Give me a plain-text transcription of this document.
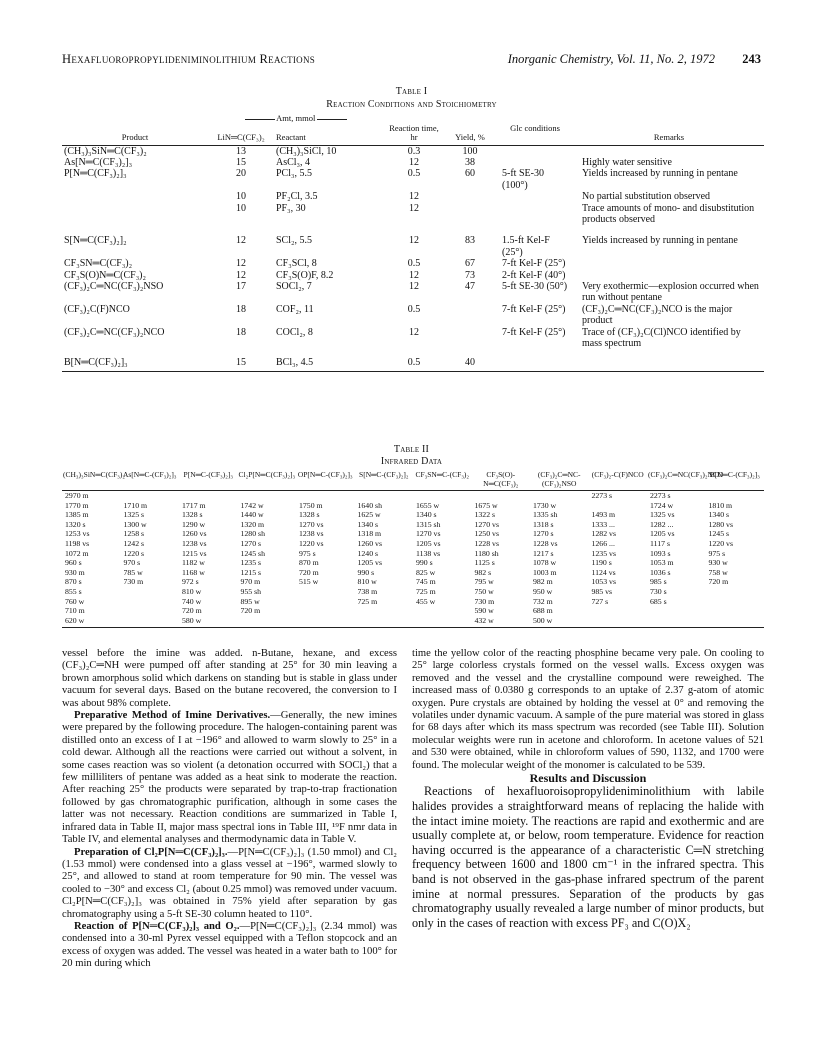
Hexafluoropropylideniminolithium Reactions	Inorganic Chemistry, Vol. 11, No. 2, 1972 243
Table I
Reaction Conditions and Stoichiometry
	Amt, mmol					
Product	LiN═C(CF₃)₂	Reactant	Reaction time, hr	Yield, %	Glc conditions	Remarks

(CH₃)₃SiN═C(CF₃)₂	13	(CH₃)₃SiCl, 10	0.3	100		
As[N═C(CF₃)₂]₃	15	AsCl₃, 4	12	38		Highly water sensitive
P[N═C(CF₃)₂]₃	20	PCl₃, 5.5	0.5	60	5-ft SE-30 (100°)	Yields increased by running in pentane
	10	PF₂Cl, 3.5	12			No partial substitution observed
	10	PF₃, 30	12			Trace amounts of mono- and disubstitution products observed

S[N═C(CF₃)₂]₂	12	SCl₂, 5.5	12	83	1.5-ft Kel-F (25°)	Yields increased by running in pentane
CF₃SN═C(CF₃)₂	12	CF₃SCl, 8	0.5	67	7-ft Kel-F (25°)	
CF₃S(O)N═C(CF₃)₂	12	CF₃S(O)F, 8.2	12	73	2-ft Kel-F (40°)	
(CF₃)₂C═NC(CF₃)₂NSO	17	SOCl₂, 7	12	47	5-ft SE-30 (50°)	Very exothermic—explosion occurred when run without pentane
(CF₃)₂C(F)NCO	18	COF₂, 11	0.5		7-ft Kel-F (25°)	(CF₃)₂C═NC(CF₃)₂NCO is the major product
(CF₃)₂C═NC(CF₃)₂NCO	18	COCl₂, 8	12		7-ft Kel-F (25°)	Trace of (CF₃)₂C(Cl)NCO identified by mass spectrum

B[N═C(CF₃)₂]₃	15	BCl₃, 4.5	0.5	40		

Table II
Infrared Data
(CH₃)₃SiN═C(CF₃)₂	As[N═C-(CF₃)₂]₃	P[N═C-(CF₃)₂]₃	Cl₂P[N═C(CF₃)₂]₃	OP[N═C-(CF₃)₂]₃	S[N═C-(CF₃)₂]₂	CF₃SN═C-(CF₃)₂	CF₃S(O)-N═C(CF₃)₂	(CF₃)₂C═NC-(CF₃)₂NSO	(CF₃)₂-C(F)NCO	(CF₃)₂C═NC(CF₃)₂NCO	B[N═C-(CF₃)₂]₃

2970 m									2273 s	2273 s	
1770 m	1710 m	1717 m	1742 w	1750 m	1640 sh	1655 w	1675 w	1730 w		1724 w	1810 m
1385 m	1325 s	1328 s	1440 w	1328 s	1625 w	1340 s	1322 s	1335 sh	1493 m	1325 vs	1340 s
1320 s	1300 w	1290 w	1320 m	1270 vs	1340 s	1315 sh	1270 vs	1318 s	1333 ...	1282 ...	1280 vs
1253 vs	1258 s	1260 vs	1280 sh	1238 vs	1318 m	1270 vs	1250 vs	1270 s	1282 vs	1205 vs	1245 s
1198 vs	1242 s	1238 vs	1270 s	1220 vs	1260 vs	1205 vs	1228 vs	1228 vs	1266 ...	1117 s	1220 vs
1072 m	1220 s	1215 vs	1245 sh	975 s	1240 s	1138 vs	1180 sh	1217 s	1235 vs	1093 s	975 s
960 s	970 s	1182 w	1235 s	870 m	1205 vs	990 s	1125 s	1078 w	1190 s	1053 m	930 w
930 m	785 w	1168 w	1215 s	720 m	990 s	825 w	982 s	1003 m	1124 vs	1036 s	758 w
870 s	730 m	972 s	970 m	515 w	810 w	745 m	795 w	982 m	1053 vs	985 s	720 m
855 s		810 w	955 sh		738 m	725 m	750 w	950 w	985 vs	730 s	
760 w		740 w	895 w		725 m	455 w	730 m	732 m	727 s	685 s	
710 m		720 m	720 m				590 w	688 m			
620 w		580 w					432 w	500 w			

vessel before the imine was added. n-Butane, hexane, and excess (CF₃)₂C═NH were pumped off after standing at 25° for 30 min leaving a brown amorphous solid which darkens on standing but is stable in glass under vacuum for several days. Based on the butane recovered, the conversion to I was about 98% complete.

Preparative Method of Imine Derivatives.—Generally, the new imines were prepared by the following procedure. The halogen-containing parent was distilled onto an excess of I at −196° and allowed to warm slowly to 25° in a cold dewar. Although all the reactions were carried out without a solvent, in some cases reaction was so violent (a detonation occurred with SOCl₂) that a few milliliters of pentane was added as a heat sink to moderate the reaction. After reaching 25° the products were separated by trap-to-trap fractionation followed by gas chromatographic purification, although in some cases the latter was not necessary. Reaction conditions are summarized in Table I, infrared data in Table II, major mass spectral ions in Table III, ¹⁹F nmr data in Table IV, and elemental analyses and thermodynamic data in Table V.

Preparation of Cl₂P[N═C(CF₃)₂]₃.—P[N═C(CF₃)₂]₃ (1.50 mmol) and Cl₂ (1.53 mmol) were condensed into a glass vessel at −196°, warmed slowly to 25°, and allowed to stand at room temperature for 90 min. The vessel was cooled to −30° and excess Cl₂ (about 0.25 mmol) was removed under vacuum. Cl₂P[N═C(CF₃)₂]₃ was obtained in 75% yield after separation by gas chromatography using a 5-ft SE-30 column heated to 110°.

Reaction of P[N═C(CF₃)₂]₃ and O₂.—P[N═C(CF₃)₂]₃ (2.34 mmol) was condensed into a 30-ml Pyrex vessel equipped with a Teflon stopcock and an excess of oxygen was added. The vessel was heated in a water bath to 100° for 20 min during which

time the yellow color of the reacting phosphine became very pale. On cooling to 25° large colorless crystals formed on the vessel walls. Excess oxygen was removed and the vessel and the crystalline compound were reweighed. The increased mass of 0.0380 g corresponds to an uptake of 2.37 g-atom of atomic oxygen. Pure crystals are obtained by holding the vessel at 0° and removing the volatiles under dynamic vacuum. A sample of the pure material was stored in glass for 68 days after which its mass spectrum was recorded (see Table III). Solution molecular weights were run in acetone and chloroform. In acetone values of 521 and 530 were obtained, while in chloroform values of 590, 1132, and 1700 were found. The molecular weight of the monomer is calculated to be 539.

Results and Discussion

Reactions of hexafluoroisopropylideniminolithium with labile halides provides a straightforward means of replacing the halide with the intact imine moiety. The reactions are rapid and exothermic and are usually complete at, or below, room temperature. Evidence for reaction having occurred is the appearance of a characteristic C═N stretching frequency between 1600 and 1800 cm⁻¹ in the infrared spectra. This band is not observed in the gas-phase infrared spectrum of the parent imine at normal pressures. Separation of the products by gas chromatography usually revealed a large number of minor products, but only in the cases of reaction with excess PF₃ and C(O)X₂
